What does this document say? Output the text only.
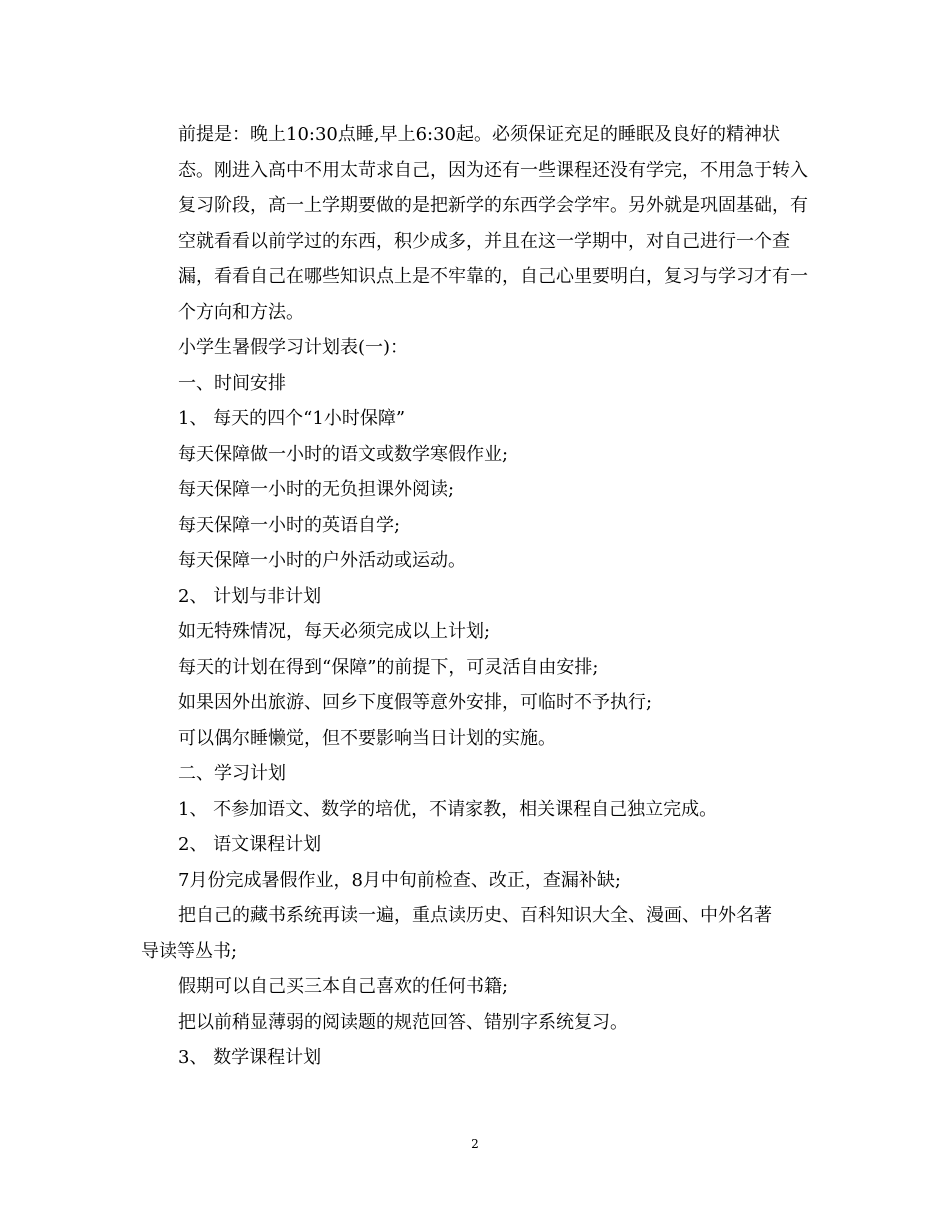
前提是：晚上10:30点睡,早上6:30起。必须保证充足的睡眠及良好的精神状
态。刚进入高中不用太苛求自己，因为还有一些课程还没有学完，不用急于转入
复习阶段，高一上学期要做的是把新学的东西学会学牢。另外就是巩固基础，有
空就看看以前学过的东西，积少成多，并且在这一学期中，对自己进行一个查
漏，看看自己在哪些知识点上是不牢靠的，自己心里要明白，复习与学习才有一
个方向和方法。

小学生暑假学习计划表(一)：

一、时间安排

1、 每天的四个“1小时保障”

每天保障做一小时的语文或数学寒假作业;

每天保障一小时的无负担课外阅读;

每天保障一小时的英语自学;

每天保障一小时的户外活动或运动。

2、 计划与非计划

如无特殊情况，每天必须完成以上计划;

每天的计划在得到“保障”的前提下，可灵活自由安排;

如果因外出旅游、回乡下度假等意外安排，可临时不予执行;

可以偶尔睡懒觉，但不要影响当日计划的实施。

二、学习计划

1、 不参加语文、数学的培优，不请家教，相关课程自己独立完成。

2、 语文课程计划

7月份完成暑假作业，8月中旬前检查、改正，查漏补缺;

把自己的藏书系统再读一遍，重点读历史、百科知识大全、漫画、中外名著
导读等丛书;

假期可以自己买三本自己喜欢的任何书籍;

把以前稍显薄弱的阅读题的规范回答、错别字系统复习。

3、 数学课程计划

2
